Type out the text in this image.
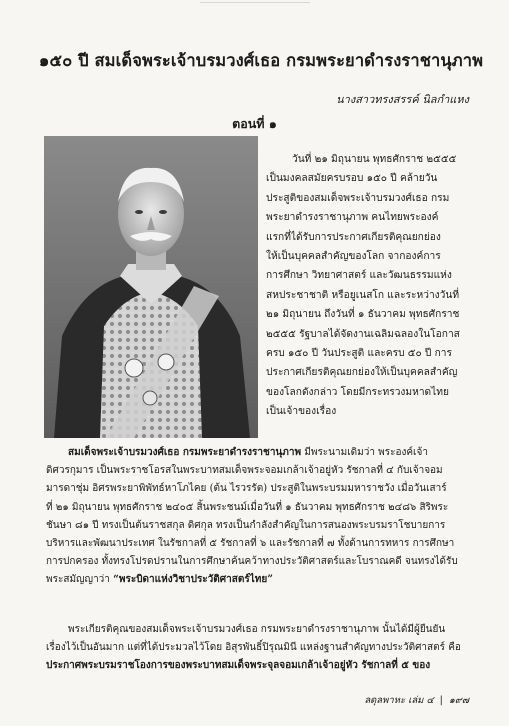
๑๕๐ ปี สมเด็จพระเจ้าบรมวงศ์เธอ กรมพระยาดำรงราชานุภาพ
นางสาวทรงสรรค์ นิลกำแหง
ตอนที่ ๑
วันที่ ๒๑ มิถุนายน พุทธศักราช ๒๕๕๕
เป็นมงคลสมัยครบรอบ ๑๕๐ ปี คล้ายวัน
ประสูติของสมเด็จพระเจ้าบรมวงศ์เธอ กรม
พระยาดำรงราชานุภาพ คนไทยพระองค์
แรกที่ได้รับการประกาศเกียรติคุณยกย่อง
ให้เป็นบุคคลสำคัญของโลก จากองค์การ
การศึกษา วิทยาศาสตร์ และวัฒนธรรมแห่ง
สหประชาชาติ หรือยูเนสโก และระหว่างวันที่
๒๑ มิถุนายน ถึงวันที่ ๑ ธันวาคม พุทธศักราช
๒๕๕๕ รัฐบาลได้จัดงานเฉลิมฉลองในโอกาส
ครบ ๑๕๐ ปี วันประสูติ และครบ ๕๐ ปี การ
ประกาศเกียรติคุณยกย่องให้เป็นบุคคลสำคัญ
ของโลกดังกล่าว โดยมีกระทรวงมหาดไทย
เป็นเจ้าของเรื่อง
สมเด็จพระเจ้าบรมวงศ์เธอ กรมพระยาดำรงราชานุภาพ มีพระนามเดิมว่า พระองค์เจ้า
ดิศวรกุมาร เป็นพระราชโอรสในพระบาทสมเด็จพระจอมเกล้าเจ้าอยู่หัว รัชกาลที่ ๔ กับเจ้าจอม
มารดาชุ่ม อิศรพระยาพิพัทธ์หาโภไคย (ต้น ไรวรรัต) ประสูติในพระบรมมหาราชวัง เมื่อวันเสาร์
ที่ ๒๑ มิถุนายน พุทธศักราช ๒๔๐๕ สิ้นพระชนม์เมื่อวันที่ ๑ ธันวาคม พุทธศักราช ๒๔๘๖ สิริพระ
ชันษา ๘๑ ปี ทรงเป็นต้นราชสกุล ดิศกุล ทรงเป็นกำลังสำคัญในการสนองพระบรมราโชบายการ
บริหารและพัฒนาประเทศ ในรัชกาลที่ ๕ รัชกาลที่ ๖ และรัชกาลที่ ๗ ทั้งด้านการทหาร การศึกษา
การปกครอง ทั้งทรงโปรดปรานในการศึกษาค้นคว้าทางประวัติศาสตร์และโบราณคดี จนทรงได้รับ
พระสมัญญาว่า “พระบิดาแห่งวิชาประวัติศาสตร์ไทย”
พระเกียรติคุณของสมเด็จพระเจ้าบรมวงศ์เธอ กรมพระยาดำรงราชานุภาพ นั้นได้มีผู้ยืนยัน
เรื่องไว้เป็นอันมาก แต่ที่ได้ประมวลไว้โดย อิสุรพันธิ์ปิรุณมินี แหล่งฐานสำคัญทางประวัติศาสตร์ คือ
ประกาศพระบรมราชโองการของพระบาทสมเด็จพระจุลจอมเกล้าเจ้าอยู่หัว รัชกาลที่ ๕ ของ
ลดุลพาหะ เล่ม ๔ | ๑๙๗
